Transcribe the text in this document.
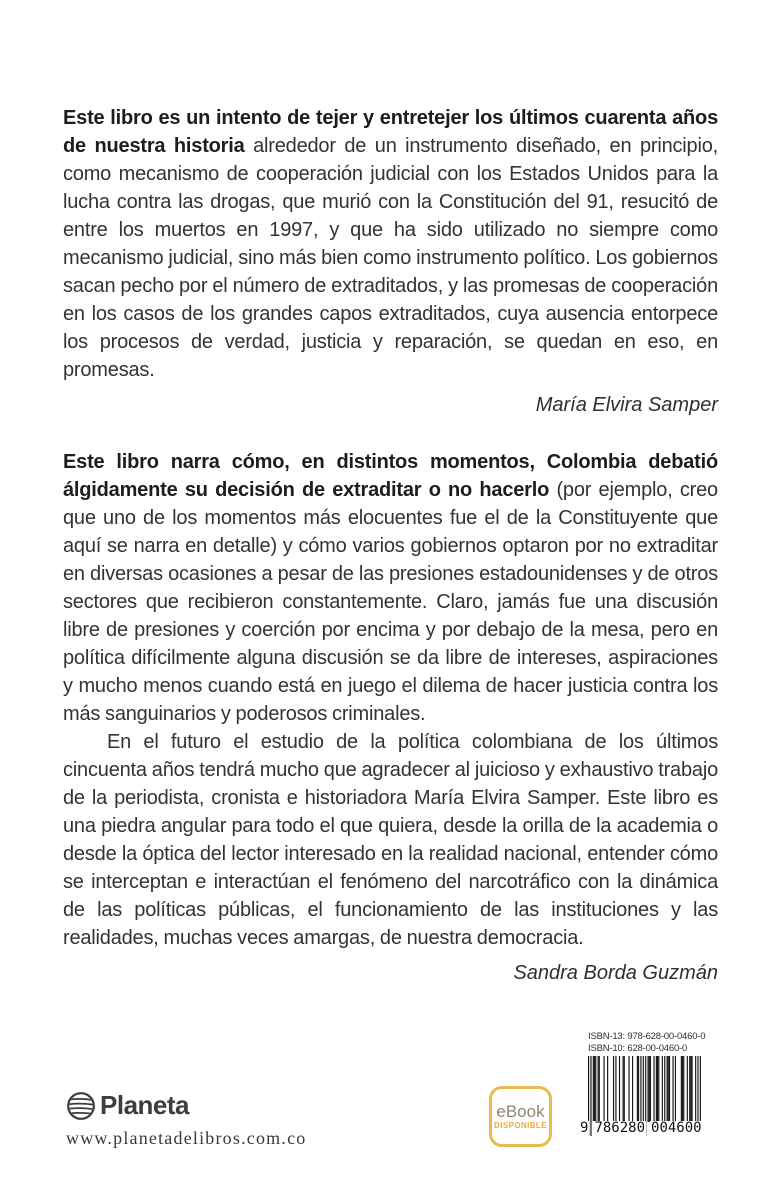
Este libro es un intento de tejer y entretejer los últimos cuarenta años de nuestra historia alrededor de un instrumento diseñado, en principio, como mecanismo de cooperación judicial con los Estados Unidos para la lucha contra las drogas, que murió con la Constitución del 91, resucitó de entre los muertos en 1997, y que ha sido utilizado no siempre como mecanismo judicial, sino más bien como instrumento político. Los gobiernos sacan pecho por el número de extraditados, y las promesas de cooperación en los casos de los grandes capos extraditados, cuya ausencia entorpece los procesos de verdad, justicia y reparación, se quedan en eso, en promesas.

María Elvira Samper

Este libro narra cómo, en distintos momentos, Colombia debatió álgidamente su decisión de extraditar o no hacerlo (por ejemplo, creo que uno de los momentos más elocuentes fue el de la Constituyente que aquí se narra en detalle) y cómo varios gobiernos optaron por no extraditar en diversas ocasiones a pesar de las presiones estadounidenses y de otros sectores que recibieron constantemente. Claro, jamás fue una discusión libre de presiones y coerción por encima y por debajo de la mesa, pero en política difícilmente alguna discusión se da libre de intereses, aspiraciones y mucho menos cuando está en juego el dilema de hacer justicia contra los más sanguinarios y poderosos criminales.

En el futuro el estudio de la política colombiana de los últimos cincuenta años tendrá mucho que agradecer al juicioso y exhaustivo trabajo de la periodista, cronista e historiadora María Elvira Samper. Este libro es una piedra angular para todo el que quiera, desde la orilla de la academia o desde la óptica del lector interesado en la realidad nacional, entender cómo se interceptan e interactúan el fenómeno del narcotráfico con la dinámica de las políticas públicas, el funcionamiento de las instituciones y las realidades, muchas veces amargas, de nuestra democracia.

Sandra Borda Guzmán

Planeta
www.planetadelibros.com.co
eBook
DISPONIBLE
ISBN-13: 978-628-00-0460-0
ISBN-10: 628-00-0460-0
9 786280 004600
